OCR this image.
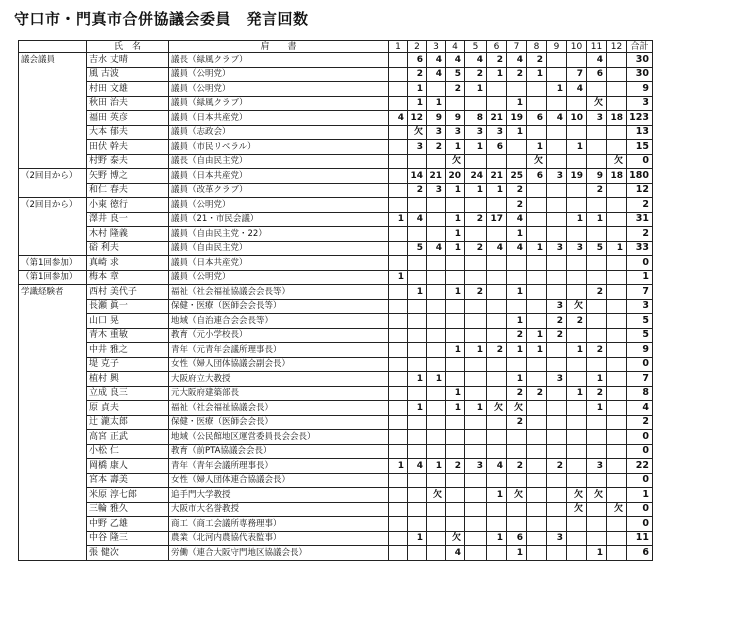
守口市・門真市合併協議会委員　発言回数
	氏　名	肩　　書	1	2	3	4	5	6	7	8	9	10	11	12	合計
議会議員	吉水 丈晴	議長（緑風クラブ）		6	4	4	4	2	4	2			4		30
	風 古波	議員（公明党）		2	4	5	2	1	2	1		7	6		30
	村田 文雄	議員（公明党）		1		2	1				1	4			9
	秋田 治夫	議員（緑風クラブ）		1	1				1				欠		3
	福田 英彦	議員（日本共産党）	4	12	9	9	8	21	19	6	4	10	3	18	123
	大本 郁夫	議員（志政会）		欠	3	3	3	3	1						13
	田伏 幹夫	議員（市民リベラル）		3	2	1	1	6		1		1			15
	村野 泰夫	議長（自由民主党）				欠				欠				欠	0
（2回目から）	矢野 博之	議員（日本共産党）		14	21	20	24	21	25	6	3	19	9	18	180
	和仁 春夫	議員（改革クラブ）		2	3	1	1	1	2				2		12
（2回目から）	小東 徳行	議員（公明党）							2						2
	澤井 良一	議員（21・市民会議）	1	4		1	2	17	4			1	1		31
	木村 隆義	議員（自由民主党・22）				1			1						2
	硲 利夫	議員（自由民主党）		5	4	1	2	4	4	1	3	3	5	1	33
（第1回参加）	真崎 求	議員（日本共産党）													0
（第1回参加）	梅本 章	議員（公明党）	1												1
学識経験者	西村 美代子	福祉（社会福祉協議会会長等）		1		1	2		1				2		7
	長瀬 眞一	保健・医療（医師会会長等）									3	欠			3
	山口 晃	地域（自治連合会会長等）							1		2	2			5
	青木 重敏	教育（元小学校長）							2	1	2				5
	中井 雅之	青年（元青年会議所理事長）				1	1	2	1	1		1	2		9
	堤 克子	女性（婦人団体協議会副会長）													0
	植村 興	大阪府立大教授		1	1				1		3		1		7
	立成 良三	元大阪府建築部長				1			2	2		1	2		8
	原 貞夫	福祉（社会福祉協議会長）		1		1	1	欠	欠				1		4
	辻 瀧太郎	保健・医療（医師会会長）							2						2
	高宮 正武	地域（公民館地区運営委員長会会長）													0
	小松 仁	教育（前PTA協議会会長）													0
	岡橋 康人	青年（青年会議所理事長）	1	4	1	2	3	4	2		2		3		22
	宮本 壽美	女性（婦人団体連合協議会長）													0
	米原 淳七郎	追手門大学教授			欠			1	欠			欠	欠		1
	三輪 雅久	大阪市大名誉教授										欠		欠	0
	中野 乙雄	商工（商工会議所専務理事）													0
	中谷 隆三	農業（北河内農協代表監事）		1		欠		1	6		3				11
	張 健次	労働（連合大阪守門地区協議会長）				4			1				1		6
